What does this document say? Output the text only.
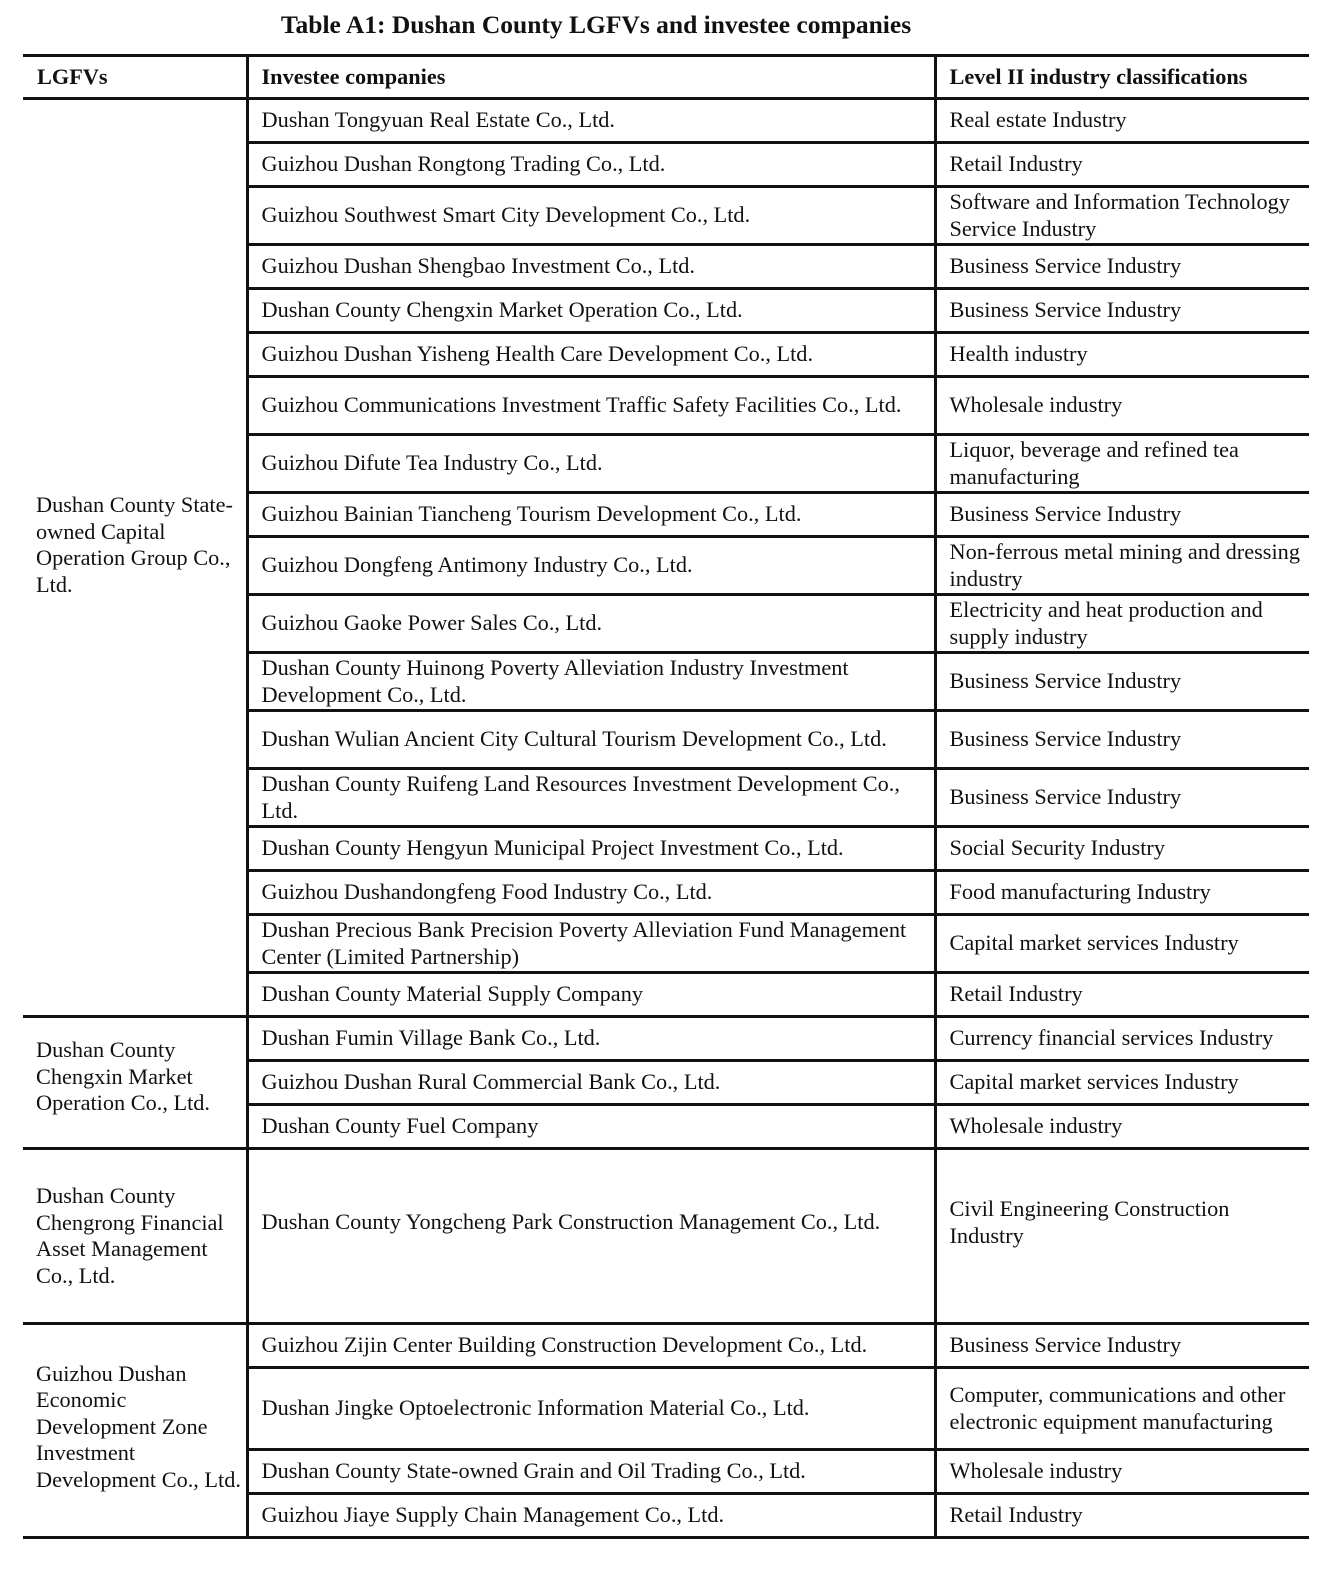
Table A1: Dushan County LGFVs and investee companies
LGFVs	Investee companies	Level II industry classifications
Dushan County State-owned Capital Operation Group Co., Ltd.	Dushan Tongyuan Real Estate Co., Ltd.	Real estate Industry
	Guizhou Dushan Rongtong Trading Co., Ltd.	Retail Industry
	Guizhou Southwest Smart City Development Co., Ltd.	Software and Information Technology Service Industry
	Guizhou Dushan Shengbao Investment Co., Ltd.	Business Service Industry
	Dushan County Chengxin Market Operation Co., Ltd.	Business Service Industry
	Guizhou Dushan Yisheng Health Care Development Co., Ltd.	Health industry
	Guizhou Communications Investment Traffic Safety Facilities Co., Ltd.	Wholesale industry
	Guizhou Difute Tea Industry Co., Ltd.	Liquor, beverage and refined tea manufacturing
	Guizhou Bainian Tiancheng Tourism Development Co., Ltd.	Business Service Industry
	Guizhou Dongfeng Antimony Industry Co., Ltd.	Non-ferrous metal mining and dressing industry
	Guizhou Gaoke Power Sales Co., Ltd.	Electricity and heat production and supply industry
	Dushan County Huinong Poverty Alleviation Industry Investment Development Co., Ltd.	Business Service Industry
	Dushan Wulian Ancient City Cultural Tourism Development Co., Ltd.	Business Service Industry
	Dushan County Ruifeng Land Resources Investment Development Co., Ltd.	Business Service Industry
	Dushan County Hengyun Municipal Project Investment Co., Ltd.	Social Security Industry
	Guizhou Dushandongfeng Food Industry Co., Ltd.	Food manufacturing Industry
	Dushan Precious Bank Precision Poverty Alleviation Fund Management Center (Limited Partnership)	Capital market services Industry
	Dushan County Material Supply Company	Retail Industry
Dushan County Chengxin Market Operation Co., Ltd.	Dushan Fumin Village Bank Co., Ltd.	Currency financial services Industry
	Guizhou Dushan Rural Commercial Bank Co., Ltd.	Capital market services Industry
	Dushan County Fuel Company	Wholesale industry
Dushan County Chengrong Financial Asset Management Co., Ltd.	Dushan County Yongcheng Park Construction Management Co., Ltd.	Civil Engineering Construction Industry
Guizhou Dushan Economic Development Zone Investment Development Co., Ltd.	Guizhou Zijin Center Building Construction Development Co., Ltd.	Business Service Industry
	Dushan Jingke Optoelectronic Information Material Co., Ltd.	Computer, communications and other electronic equipment manufacturing
	Dushan County State-owned Grain and Oil Trading Co., Ltd.	Wholesale industry
	Guizhou Jiaye Supply Chain Management Co., Ltd.	Retail Industry
